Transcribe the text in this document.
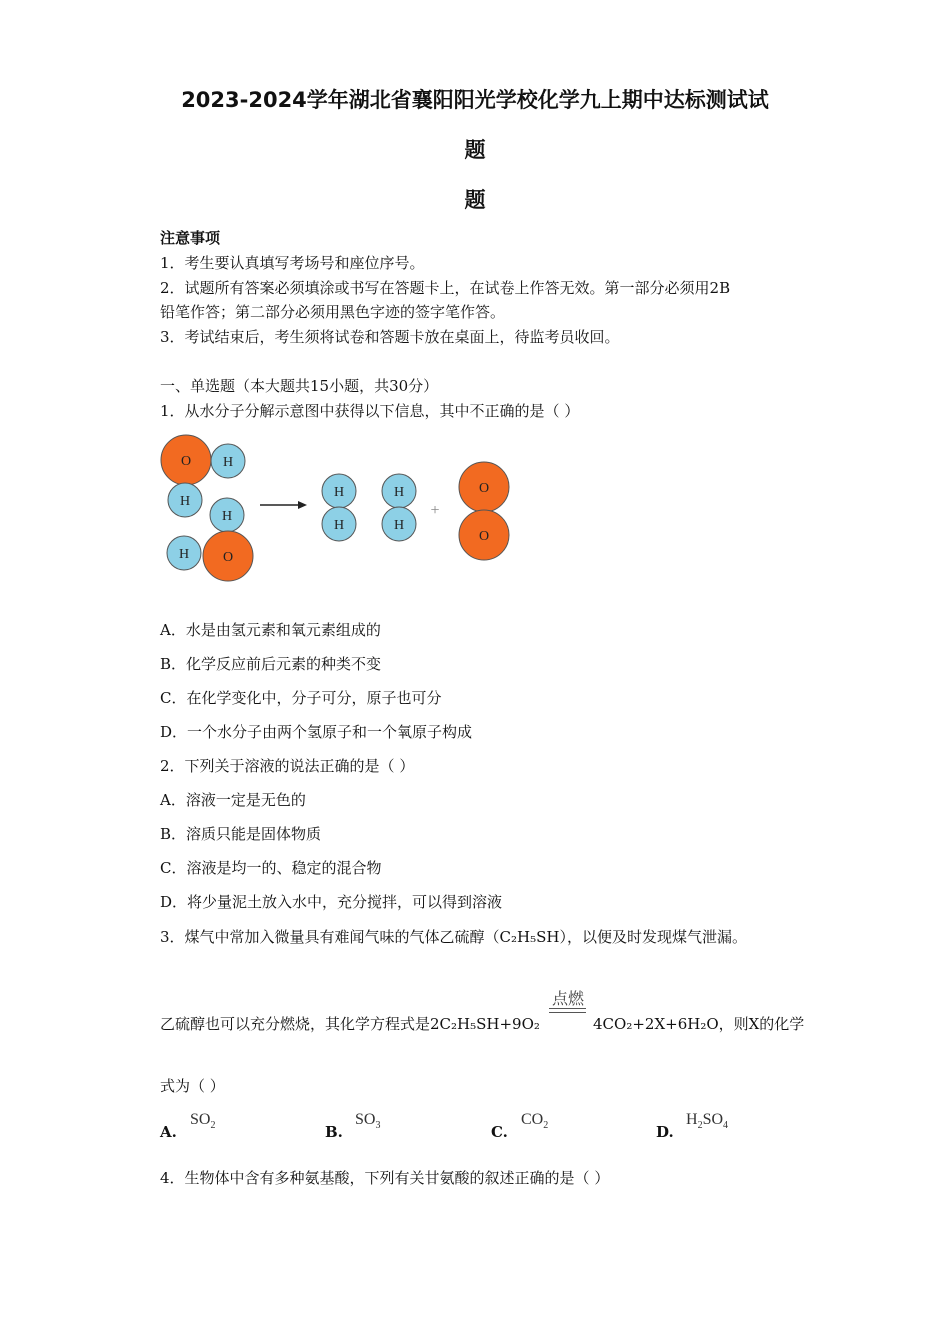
2023-2024学年湖北省襄阳阳光学校化学九上期中达标测试试
题
题
注意事项
1．考生要认真填写考场号和座位序号。
2．试题所有答案必须填涂或书写在答题卡上，在试卷上作答无效。第一部分必须用2B
铅笔作答；第二部分必须用黑色字迹的签字笔作答。
3．考试结束后，考生须将试卷和答题卡放在桌面上，待监考员收回。
一、单选题（本大题共15小题，共30分）
1．从水分子分解示意图中获得以下信息，其中不正确的是（ ）
O H
H
H
H O
H
H
H
H
+
O
O
A．水是由氢元素和氧元素组成的
B．化学反应前后元素的种类不变
C．在化学变化中，分子可分，原子也可分
D．一个水分子由两个氢原子和一个氧原子构成
2．下列关于溶液的说法正确的是（ ）
A．溶液一定是无色的
B．溶质只能是固体物质
C．溶液是均一的、稳定的混合物
D．将少量泥土放入水中，充分搅拌，可以得到溶液
3．煤气中常加入微量具有难闻气味的气体乙硫醇（C₂H₅SH），以便及时发现煤气泄漏。
点燃
乙硫醇也可以充分燃烧，其化学方程式是2C₂H₅SH+9O₂	4CO₂+2X+6H₂O，则X的化学
式为（ ）
A.
$SO_2$	B.
$SO_3$	C.
$CO_2$	D.
$H_2SO_4$
4．生物体中含有多种氨基酸，下列有关甘氨酸的叙述正确的是（ ）
